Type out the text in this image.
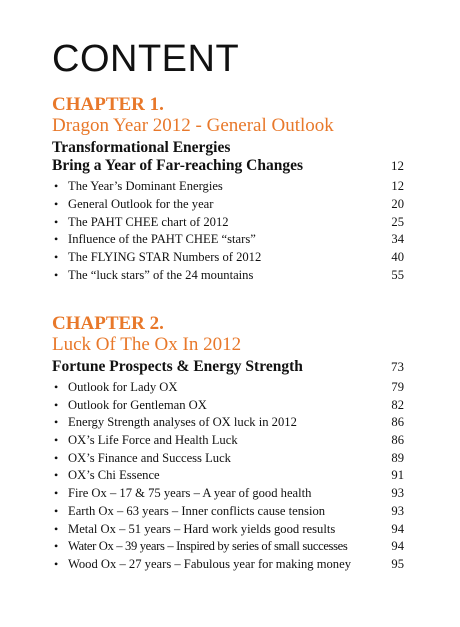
CONTENT
CHAPTER 1.
Dragon Year 2012 - General Outlook
Transformational Energies
Bring a Year of Far-reaching Changes	12
• The Year’s Dominant Energies	12
• General Outlook for the year	20
• The PAHT CHEE chart of 2012	25
• Influence of the PAHT CHEE “stars”	34
• The FLYING STAR Numbers of 2012	40
• The “luck stars” of the 24 mountains	55
CHAPTER 2.
Luck Of The Ox In 2012
Fortune Prospects & Energy Strength	73
• Outlook for Lady OX	79
• Outlook for Gentleman OX	82
• Energy Strength analyses of OX luck in 2012	86
• OX’s Life Force and Health Luck	86
• OX’s Finance and Success Luck	89
• OX’s Chi Essence	91
• Fire Ox – 17 & 75 years – A year of good health	93
• Earth Ox – 63 years – Inner conflicts cause tension	93
• Metal Ox – 51 years – Hard work yields good results	94
• Water Ox – 39 years – Inspired by series of small successes	94
• Wood Ox – 27 years – Fabulous year for making money	95
